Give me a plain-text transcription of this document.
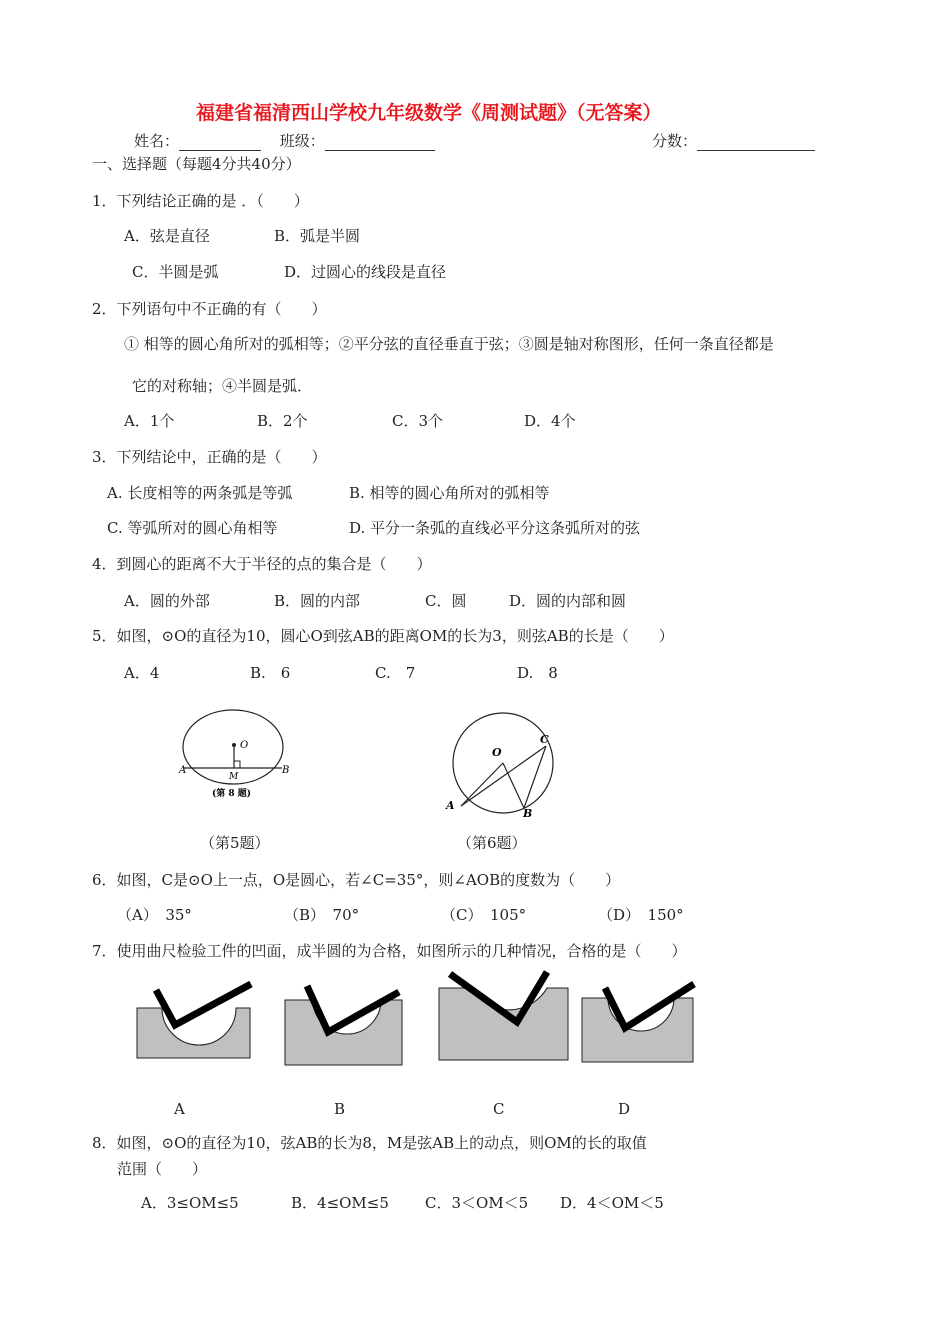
福建省福清西山学校九年级数学《周测试题》（无答案）
姓名：	班级：	分数：
一、选择题（每题4分共40分）
1．下列结论正确的是 ．（　　）
A．弦是直径	B．弧是半圆
C．半圆是弧	D．过圆心的线段是直径
2．下列语句中不正确的有（　　）
① 相等的圆心角所对的弧相等；②平分弦的直径垂直于弦；③圆是轴对称图形，任何一条直径都是
它的对称轴；④半圆是弧．
A．1个	B．2个	C．3个	D．4个
3．下列结论中，正确的是（　　）
A. 长度相等的两条弧是等弧	B. 相等的圆心角所对的弧相等
C. 等弧所对的圆心角相等	D. 平分一条弧的直线必平分这条弧所对的弦
4．到圆心的距离不大于半径的点的集合是（　　）
A．圆的外部	B．圆的内部	C．圆	D．圆的内部和圆
5．如图，⊙O的直径为10，圆心O到弦AB的距离OM的长为3，则弦AB的长是（　　）
A．4	B.　6	C.　7	D.　8
O
A	B
M
(第 8 题)
（第5题）
O
A
B
C
（第6题）
6．如图，C是⊙O上一点，O是圆心，若∠C=35°，则∠AOB的度数为（　　）
（A）　35°	（B）　70°	（C）　105°	（D）　150°
7．使用曲尺检验工件的凹面，成半圆的为合格，如图所示的几种情况，合格的是（　　）
A	B	C	D
8．如图，⊙O的直径为10，弦AB的长为8，M是弦AB上的动点，则OM的长的取值
范围（　　）
A．3≤OM≤5	B．4≤OM≤5 C．3＜OM＜5 D．4＜OM＜5
